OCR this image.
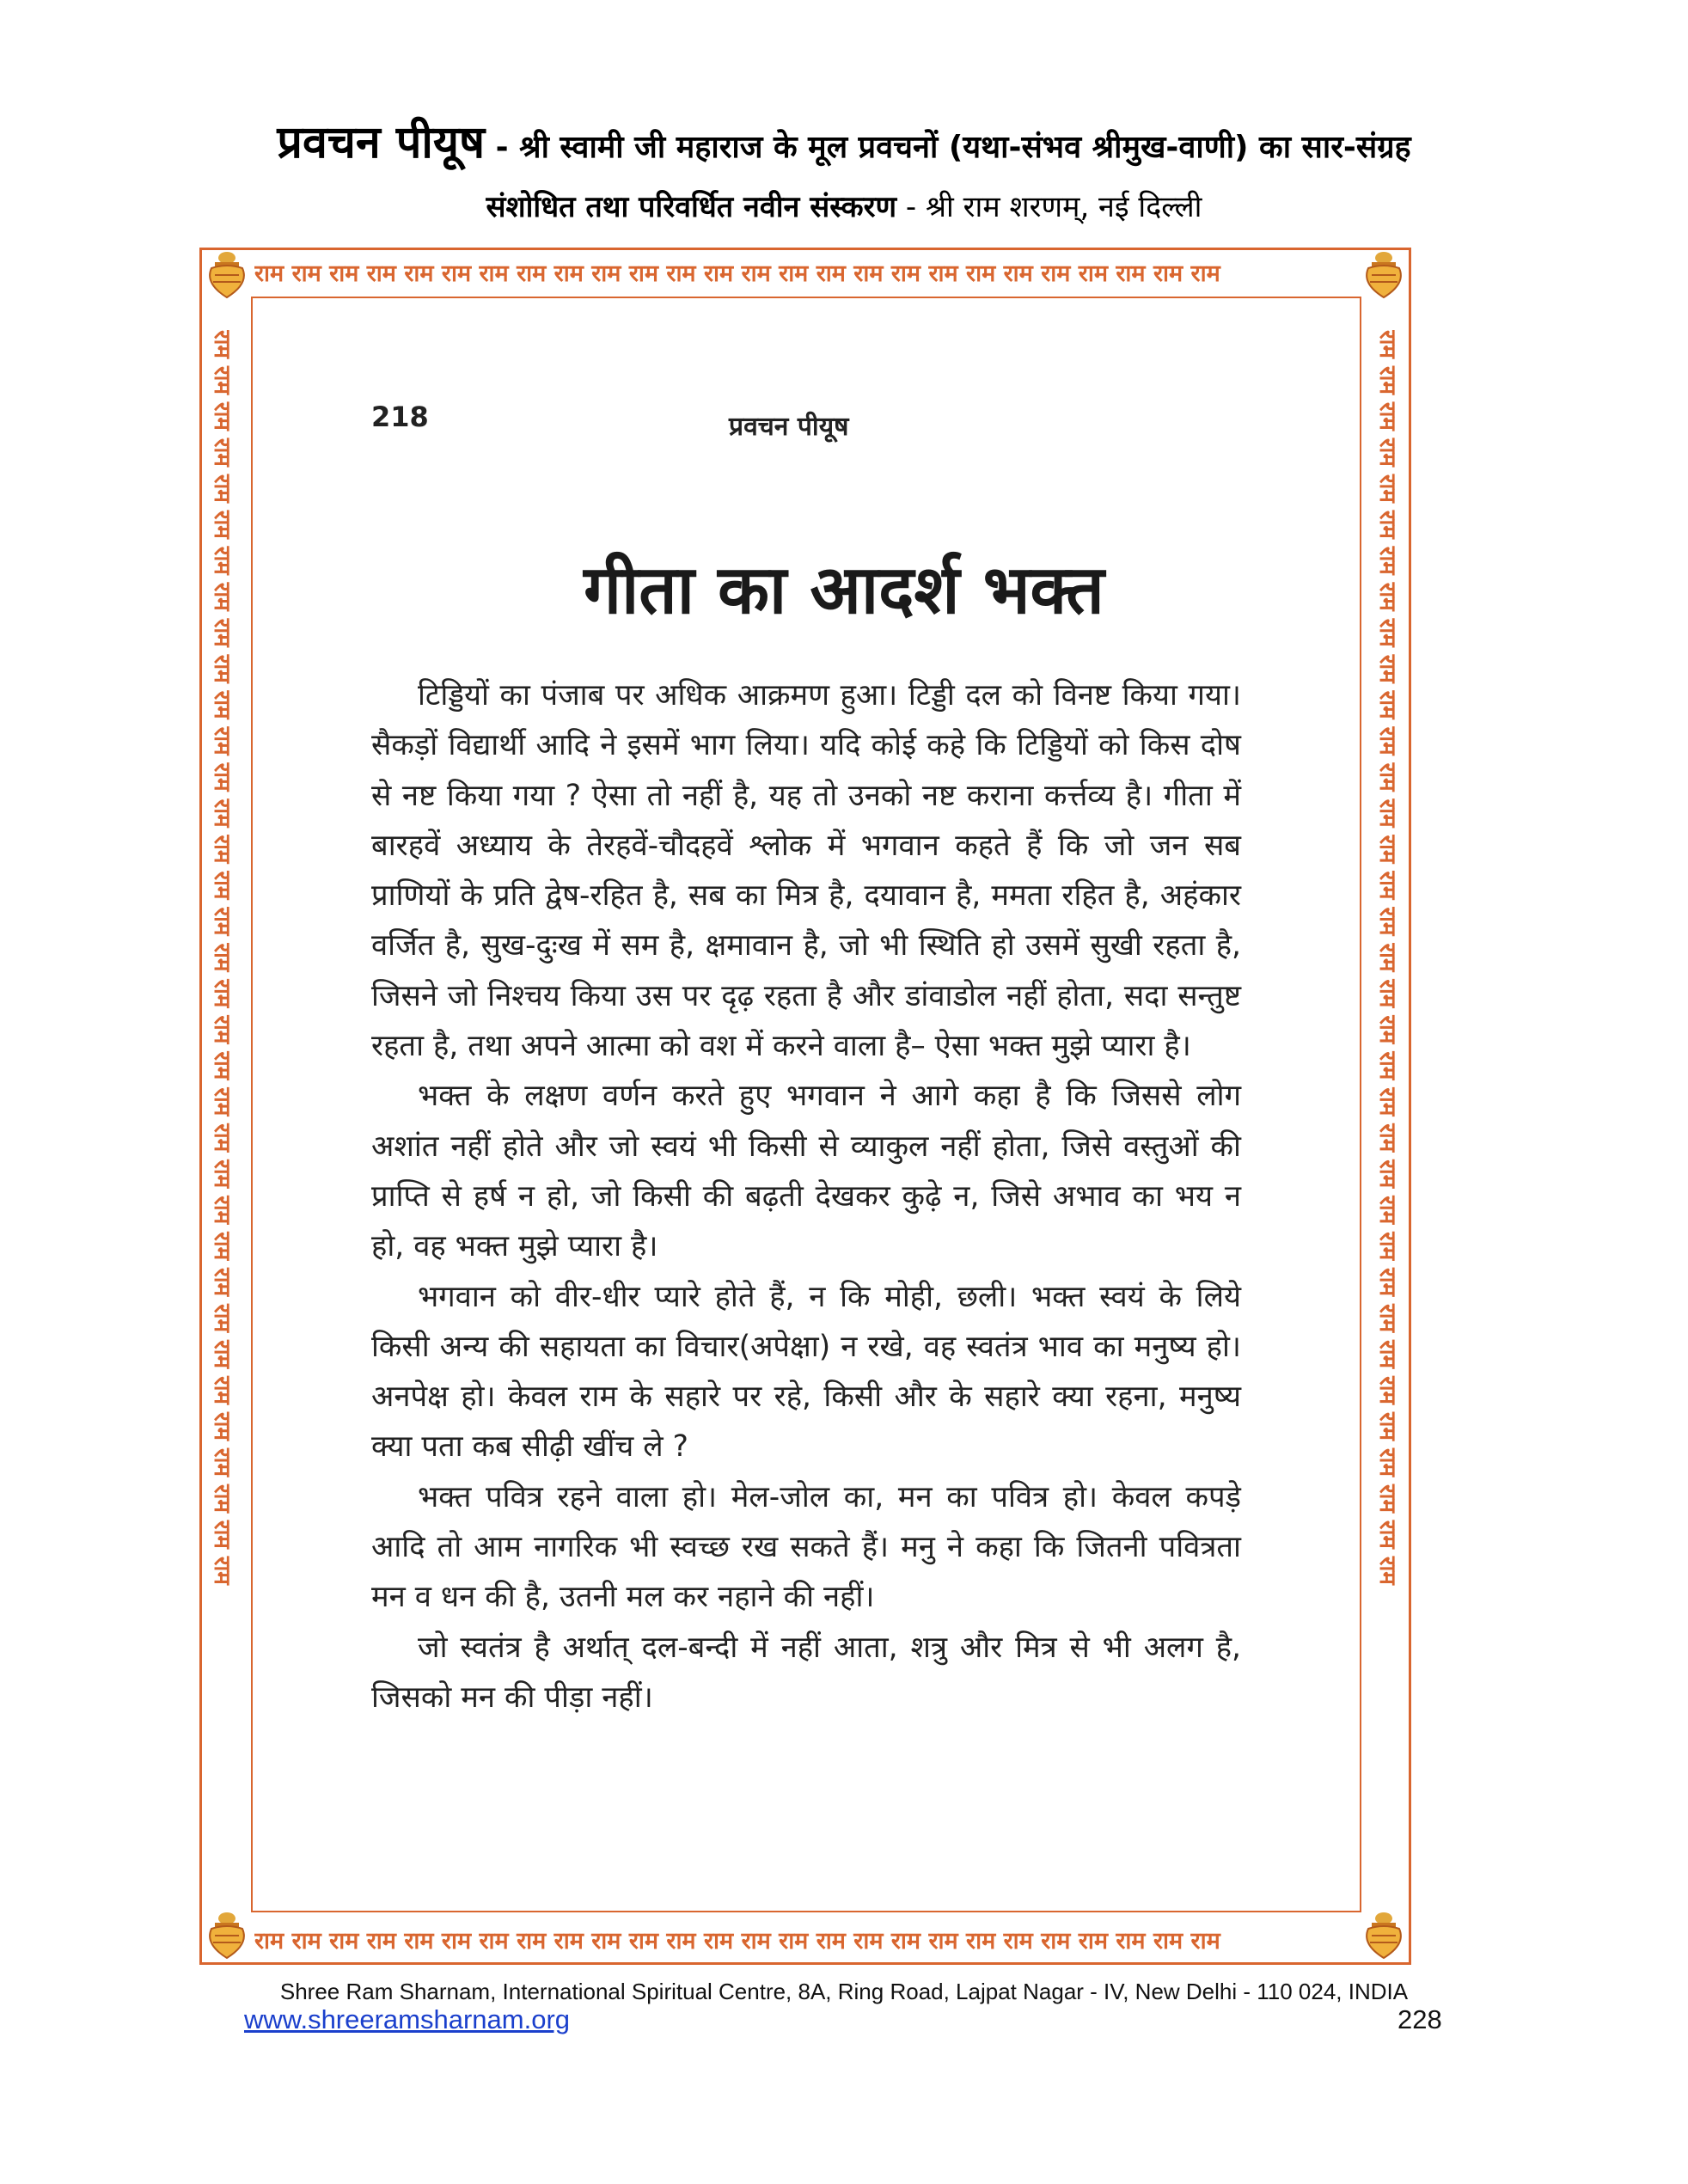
प्रवचन पीयूष - श्री स्वामी जी महाराज के मूल प्रवचनों (यथा-संभव श्रीमुख-वाणी) का सार-संग्रह
संशोधित तथा परिवर्धित नवीन संस्करण - श्री राम शरणम्, नई दिल्ली
राम राम राम राम राम राम राम राम राम राम राम राम राम राम राम राम राम राम राम राम राम राम राम राम राम राम
राम राम राम राम राम राम राम राम राम राम राम राम राम राम राम राम राम राम राम राम राम राम राम राम राम राम
राम राम राम राम राम राम राम राम राम राम राम राम राम राम राम राम राम राम राम राम राम राम राम राम राम राम राम राम राम राम राम राम राम राम राम	राम राम राम राम राम राम राम राम राम राम राम राम राम राम राम राम राम राम राम राम राम राम राम राम राम राम राम राम राम राम राम राम राम राम राम
218	प्रवचन पीयूष
गीता का आदर्श भक्त

टिड्डियों का पंजाब पर अधिक आक्रमण हुआ। टिड्डी दल को विनष्ट किया गया। सैकड़ों विद्यार्थी आदि ने इसमें भाग लिया। यदि कोई कहे कि टिड्डियों को किस दोष से नष्ट किया गया ? ऐसा तो नहीं है, यह तो उनको नष्ट कराना कर्त्तव्य है। गीता में बारहवें अध्याय के तेरहवें-चौदहवें श्लोक में भगवान कहते हैं कि जो जन सब प्राणियों के प्रति द्वेष-रहित है, सब का मित्र है, दयावान है, ममता रहित है, अहंकार वर्जित है, सुख-दुःख में सम है, क्षमावान है, जो भी स्थिति हो उसमें सुखी रहता है, जिसने जो निश्चय किया उस पर दृढ़ रहता है और डांवाडोल नहीं होता, सदा सन्तुष्ट रहता है, तथा अपने आत्मा को वश में करने वाला है– ऐसा भक्त मुझे प्यारा है।

भक्त के लक्षण वर्णन करते हुए भगवान ने आगे कहा है कि जिससे लोग अशांत नहीं होते और जो स्वयं भी किसी से व्याकुल नहीं होता, जिसे वस्तुओं की प्राप्ति से हर्ष न हो, जो किसी की बढ़ती देखकर कुढ़े न, जिसे अभाव का भय न हो, वह भक्त मुझे प्यारा है।

भगवान को वीर-धीर प्यारे होते हैं, न कि मोही, छली। भक्त स्वयं के लिये किसी अन्य की सहायता का विचार(अपेक्षा) न रखे, वह स्वतंत्र भाव का मनुष्य हो। अनपेक्ष हो। केवल राम के सहारे पर रहे, किसी और के सहारे क्या रहना, मनुष्य क्या पता कब सीढ़ी खींच ले ?

भक्त पवित्र रहने वाला हो। मेल-जोल का, मन का पवित्र हो। केवल कपड़े आदि तो आम नागरिक भी स्वच्छ रख सकते हैं। मनु ने कहा कि जितनी पवित्रता मन व धन की है, उतनी मल कर नहाने की नहीं।

जो स्वतंत्र है अर्थात् दल-बन्दी में नहीं आता, शत्रु और मित्र से भी अलग है, जिसको मन की पीड़ा नहीं।

Shree Ram Sharnam, International Spiritual Centre, 8A, Ring Road, Lajpat Nagar - IV, New Delhi - 110 024, INDIA
www.shreeramsharnam.org	228
